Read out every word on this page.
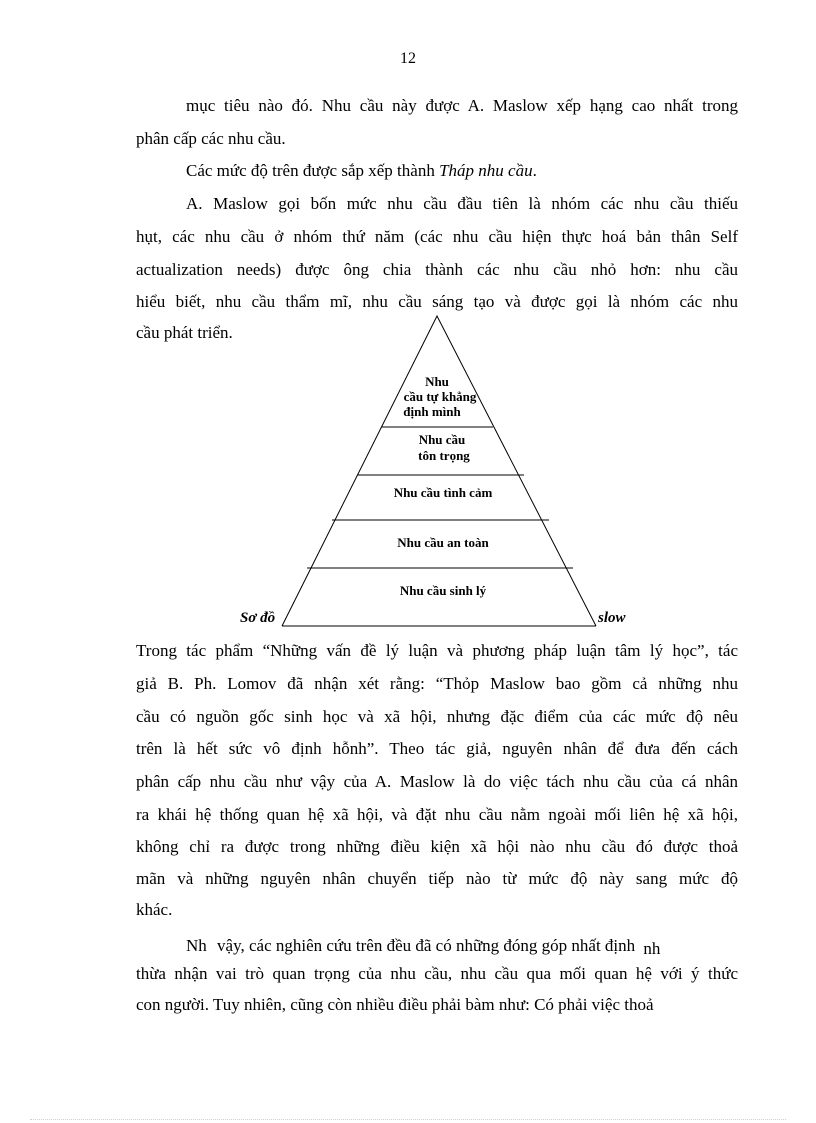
12
mục tiêu nào đó. Nhu cầu này được A. Maslow xếp hạng cao nhất trong
phân cấp các nhu cầu.
Các mức độ trên được sắp xếp thành Tháp nhu cầu.
A. Maslow gọi bốn mức nhu cầu đầu tiên là nhóm các nhu cầu thiếu
hụt, các nhu cầu ở nhóm thứ năm (các nhu cầu hiện thực hoá bản thân Self
actualization needs) được ông chia thành các nhu cầu nhỏ hơn: nhu cầu
hiểu biết, nhu cầu thẩm mĩ, nhu cầu sáng tạo và được gọi là nhóm các nhu
cầu phát triển.
Nhu
cầu tự khẳng
định mình
Nhu cầu
tôn trọng
Nhu cầu tình cảm
Nhu cầu an toàn
Nhu cầu sinh lý
Sơ đồ	slow
Trong tác phẩm “Những vấn đề lý luận và phương pháp luận tâm lý học”, tác
giả B. Ph. Lomov đã nhận xét rằng: “Thỏp Maslow bao gồm cả những nhu
cầu có nguồn gốc sinh học và xã hội, nhưng đặc điểm của các mức độ nêu
trên là hết sức vô định hỗnh”. Theo tác giả, nguyên nhân để đưa đến cách
phân cấp nhu cầu như vậy của A. Maslow là do việc tách nhu cầu của cá nhân
ra khái hệ thống quan hệ xã hội, và đặt nhu cầu nằm ngoài mối liên hệ xã hội,
không chỉ ra được trong những điều kiện xã hội nào nhu cầu đó được thoả
mãn và những nguyên nhân chuyển tiếp nào từ mức độ này sang mức độ
khác.
Nh vậy, các nghiên cứu trên đều đã có những đóng góp nhất định nh
thừa nhận vai trò quan trọng của nhu cầu, nhu cầu qua mối quan hệ với ý thức
con người. Tuy nhiên, cũng còn nhiều điều phải bàm như: Có phải việc thoả
